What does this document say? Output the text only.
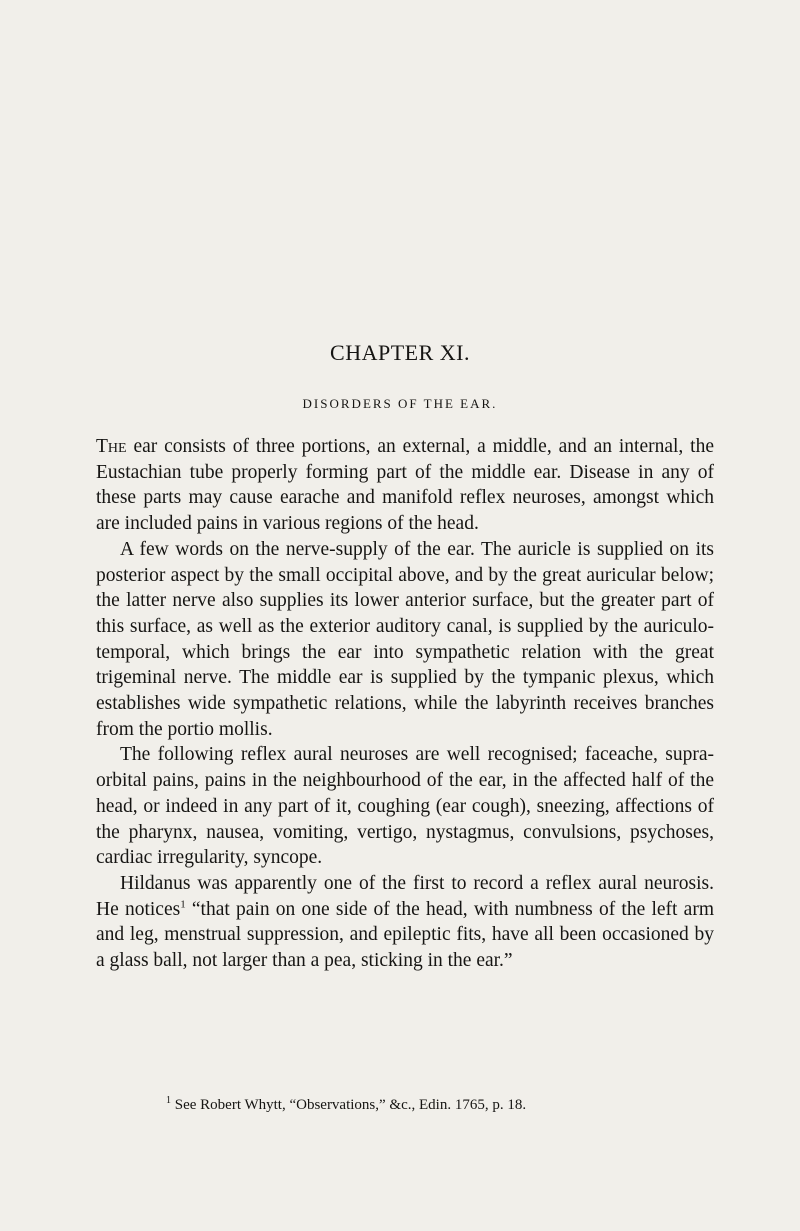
CHAPTER XI.
DISORDERS OF THE EAR.

The ear consists of three portions, an external, a middle, and an internal, the Eustachian tube properly forming part of the middle ear. Disease in any of these parts may cause earache and manifold reflex neuroses, amongst which are included pains in various regions of the head.

A few words on the nerve-supply of the ear. The auricle is supplied on its posterior aspect by the small occipital above, and by the great auricular below; the latter nerve also supplies its lower anterior surface, but the greater part of this surface, as well as the exterior auditory canal, is supplied by the auriculo-temporal, which brings the ear into sympathetic relation with the great trigeminal nerve. The middle ear is supplied by the tympanic plexus, which establishes wide sympathetic relations, while the labyrinth receives branches from the portio mollis.

The following reflex aural neuroses are well recognised; faceache, supra-orbital pains, pains in the neighbourhood of the ear, in the affected half of the head, or indeed in any part of it, coughing (ear cough), sneezing, affections of the pharynx, nausea, vomiting, vertigo, nystagmus, convulsions, psychoses, cardiac irregularity, syncope.

Hildanus was apparently one of the first to record a reflex aural neurosis. He notices$^1$ “that pain on one side of the head, with numbness of the left arm and leg, menstrual suppression, and epileptic fits, have all been occasioned by a glass ball, not larger than a pea, sticking in the ear.”

$^1$ See Robert Whytt, “Observations,” &c., Edin. 1765, p. 18.
